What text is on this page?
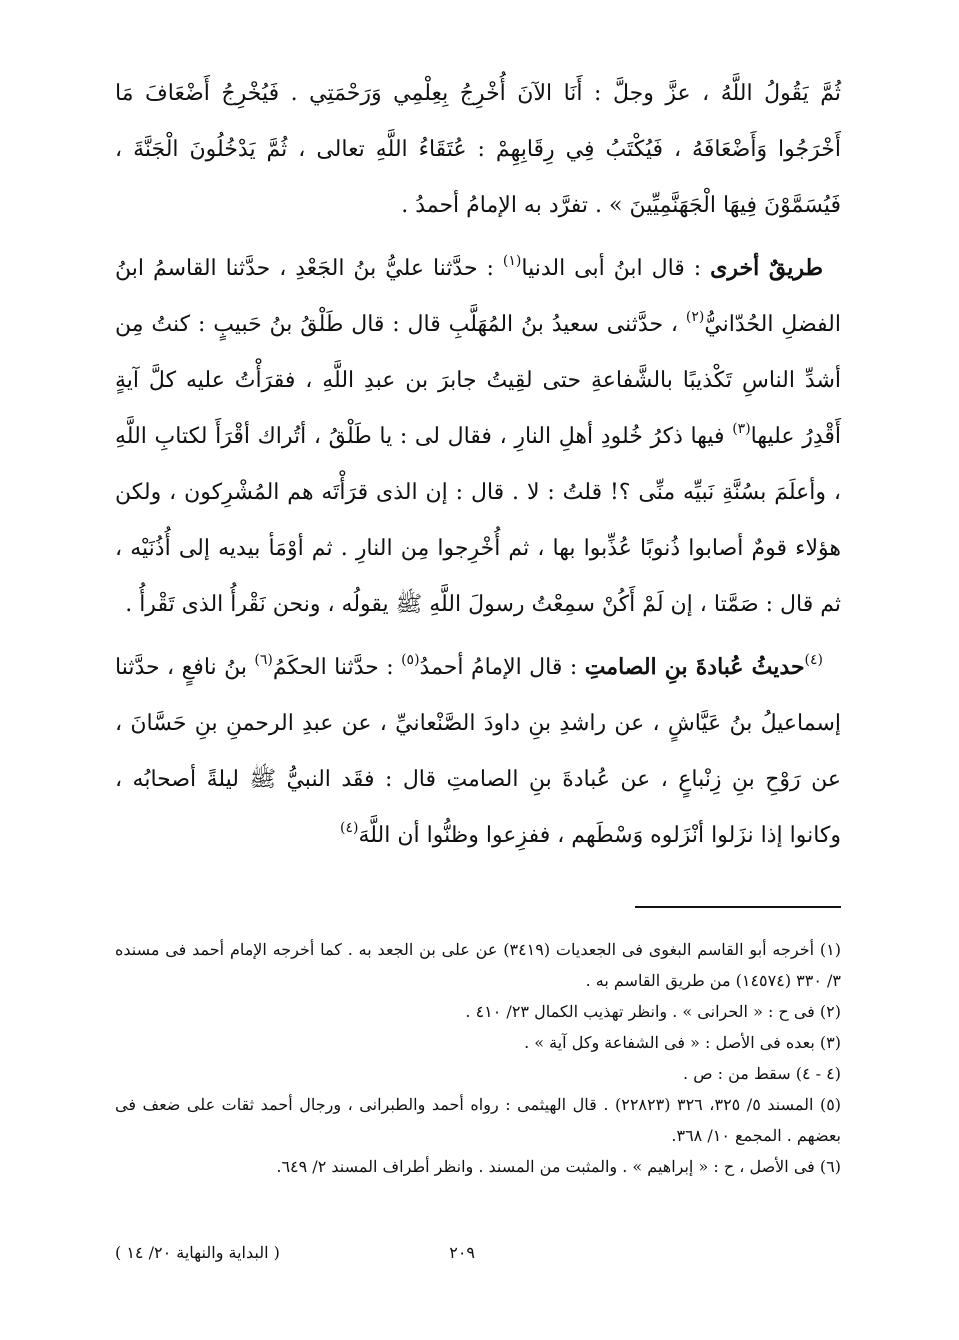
ثُمَّ يَقُولُ اللَّهُ ، عزَّ وجلَّ : أَنَا الآنَ أُخْرِجُ بِعِلْمِي وَرَحْمَتِي . فَيُخْرِجُ أَضْعَافَ مَا أَخْرَجُوا وَأَضْعَافَهُ ، فَيُكْتَبُ فِي رِقَابِهِمْ : عُتَقَاءُ اللَّهِ تعالى ، ثُمَّ يَدْخُلُونَ الْجَنَّةَ ، فَيُسَمَّوْنَ فِيهَا الْجَهَنَّمِيِّينَ » . تفرَّد به الإمامُ أحمدُ .

طريقٌ أخرى : قال ابنُ أبى الدنيا$^{(١)}$ : حدَّثنا عليُّ بنُ الجَعْدِ ، حدَّثنا القاسمُ ابنُ الفضلِ الحُدّانيُّ$^{(٢)}$ ، حدَّثنى سعيدُ بنُ المُهَلَّبِ قال : قال طَلْقُ بنُ حَبيبٍ : كنتُ مِن أشدِّ الناسِ تَكْذيبًا بالشَّفاعةِ حتى لقِيتُ جابرَ بن عبدِ اللَّهِ ، فقرَأْتُ عليه كلَّ آيةٍ أَقْدِرُ عليها$^{(٣)}$ فيها ذكرُ خُلودِ أهلِ النارِ ، فقال لى : يا طَلْقُ ، أتُراك أقْرَأَ لكتابِ اللَّهِ ، وأعلَمَ بسُنَّةِ نَبيِّه منِّى ؟! قلتُ : لا . قال : إن الذى قرَأْتَه هم المُشْرِكون ، ولكن هؤلاء قومٌ أصابوا ذُنوبًا عُذِّبوا بها ، ثم أُخْرِجوا مِن النارِ . ثم أوْمَأ بيديه إلى أُذُنَيْه ، ثم قال : صَمَّتا ، إن لَمْ أَكُنْ سمِعْتُ رسولَ اللَّهِ ﷺ يقولُه ، ونحن نَقْرأُ الذى تَقْرأُ .

$^{(٤)}$حديثُ عُبادةَ بنِ الصامتِ : قال الإمامُ أحمدُ$^{(٥)}$ : حدَّثنا الحكَمُ$^{(٦)}$ بنُ نافعٍ ، حدَّثنا إسماعيلُ بنُ عَيَّاشٍ ، عن راشدِ بنِ داودَ الصَّنْعانيِّ ، عن عبدِ الرحمنِ بنِ حَسَّانَ ، عن رَوْحِ بنِ زِنْباعٍ ، عن عُبادةَ بنِ الصامتِ قال : فقَد النبيُّ ﷺ ليلةً أصحابُه ، وكانوا إذا نزَلوا أنْزَلوه وَسْطَهم ، ففزِعوا وظنُّوا أن اللَّهَ$^{(٤)}$

(١) أخرجه أبو القاسم البغوى فى الجعديات (٣٤١٩) عن على بن الجعد به . كما أخرجه الإمام أحمد فى مسنده ٣/ ٣٣٠ (١٤٥٧٤) من طريق القاسم به .

(٢) فى ح : « الحرانى » . وانظر تهذيب الكمال ٢٣/ ٤١٠ .

(٣) بعده فى الأصل : « فى الشفاعة وكل آية » .

(٤ - ٤) سقط من : ص .

(٥) المسند ٥/ ٣٢٥، ٣٢٦ (٢٢٨٢٣) . قال الهيثمى : رواه أحمد والطبرانى ، ورجال أحمد ثقات على ضعف فى بعضهم . المجمع ١٠/ ٣٦٨.

(٦) فى الأصل ، ح : « إبراهيم » . والمثبت من المسند . وانظر أطراف المسند ٢/ ٦٤٩.

٢٠٩
( البداية والنهاية ٢٠/ ١٤ )
